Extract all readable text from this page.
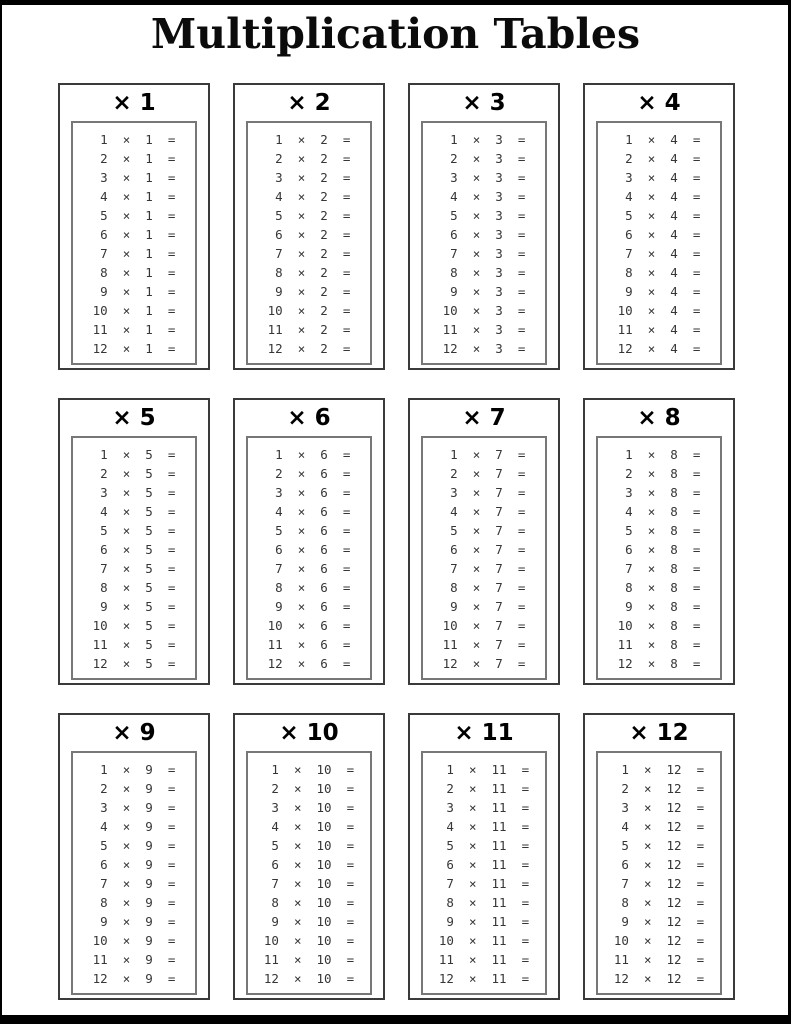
Multiplication Tables
× 1
1  ×  1  =
2  ×  1  =
3  ×  1  =
4  ×  1  =
5  ×  1  =
6  ×  1  =
7  ×  1  =
8  ×  1  =
9  ×  1  =
10  ×  1  =
11  ×  1  =
12  ×  1  =
× 2
1  ×  2  =
2  ×  2  =
3  ×  2  =
4  ×  2  =
5  ×  2  =
6  ×  2  =
7  ×  2  =
8  ×  2  =
9  ×  2  =
10  ×  2  =
11  ×  2  =
12  ×  2  =
× 3
1  ×  3  =
2  ×  3  =
3  ×  3  =
4  ×  3  =
5  ×  3  =
6  ×  3  =
7  ×  3  =
8  ×  3  =
9  ×  3  =
10  ×  3  =
11  ×  3  =
12  ×  3  =
× 4
1  ×  4  =
2  ×  4  =
3  ×  4  =
4  ×  4  =
5  ×  4  =
6  ×  4  =
7  ×  4  =
8  ×  4  =
9  ×  4  =
10  ×  4  =
11  ×  4  =
12  ×  4  =
× 5
1  ×  5  =
2  ×  5  =
3  ×  5  =
4  ×  5  =
5  ×  5  =
6  ×  5  =
7  ×  5  =
8  ×  5  =
9  ×  5  =
10  ×  5  =
11  ×  5  =
12  ×  5  =
× 6
1  ×  6  =
2  ×  6  =
3  ×  6  =
4  ×  6  =
5  ×  6  =
6  ×  6  =
7  ×  6  =
8  ×  6  =
9  ×  6  =
10  ×  6  =
11  ×  6  =
12  ×  6  =
× 7
1  ×  7  =
2  ×  7  =
3  ×  7  =
4  ×  7  =
5  ×  7  =
6  ×  7  =
7  ×  7  =
8  ×  7  =
9  ×  7  =
10  ×  7  =
11  ×  7  =
12  ×  7  =
× 8
1  ×  8  =
2  ×  8  =
3  ×  8  =
4  ×  8  =
5  ×  8  =
6  ×  8  =
7  ×  8  =
8  ×  8  =
9  ×  8  =
10  ×  8  =
11  ×  8  =
12  ×  8  =
× 9
1  ×  9  =
2  ×  9  =
3  ×  9  =
4  ×  9  =
5  ×  9  =
6  ×  9  =
7  ×  9  =
8  ×  9  =
9  ×  9  =
10  ×  9  =
11  ×  9  =
12  ×  9  =
× 10
1  ×  10  =
2  ×  10  =
3  ×  10  =
4  ×  10  =
5  ×  10  =
6  ×  10  =
7  ×  10  =
8  ×  10  =
9  ×  10  =
10  ×  10  =
11  ×  10  =
12  ×  10  =
× 11
1  ×  11  =
2  ×  11  =
3  ×  11  =
4  ×  11  =
5  ×  11  =
6  ×  11  =
7  ×  11  =
8  ×  11  =
9  ×  11  =
10  ×  11  =
11  ×  11  =
12  ×  11  =
× 12
1  ×  12  =
2  ×  12  =
3  ×  12  =
4  ×  12  =
5  ×  12  =
6  ×  12  =
7  ×  12  =
8  ×  12  =
9  ×  12  =
10  ×  12  =
11  ×  12  =
12  ×  12  =
